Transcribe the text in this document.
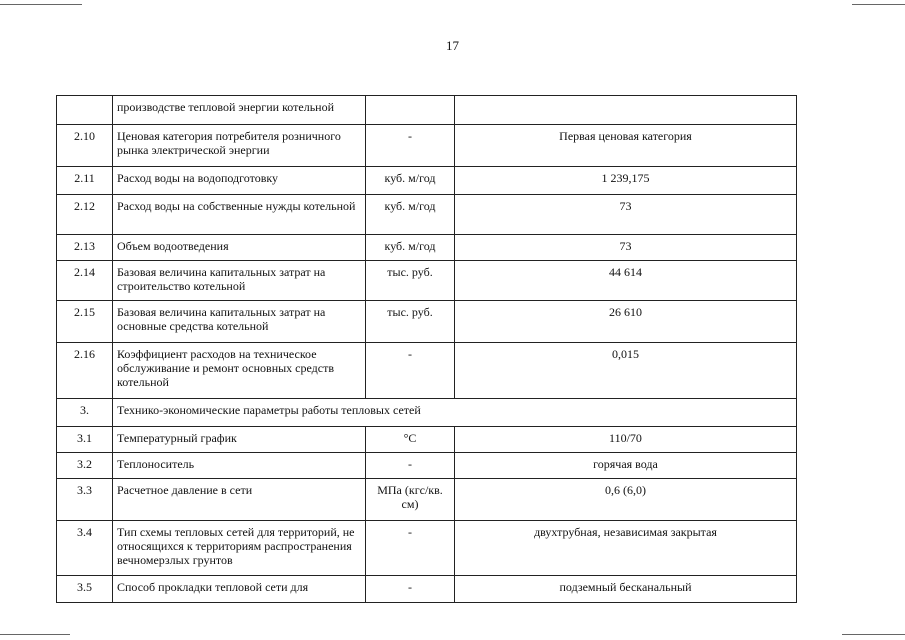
17
	производстве тепловой энергии котельной		
2.10	Ценовая категория потребителя розничного рынка электрической энергии	-	Первая ценовая категория
2.11	Расход воды на водоподготовку	куб. м/год	1 239,175
2.12	Расход воды на собственные нужды котельной	куб. м/год	73
2.13	Объем водоотведения	куб. м/год	73
2.14	Базовая величина капитальных затрат на строительство котельной	тыс. руб.	44 614
2.15	Базовая величина капитальных затрат на основные средства котельной	тыс. руб.	26 610
2.16	Коэффициент расходов на техническое обслуживание и ремонт основных средств котельной	-	0,015
3.	Технико-экономические параметры работы тепловых сетей		
3.1	Температурный график	°C	110/70
3.2	Теплоноситель	-	горячая вода
3.3	Расчетное давление в сети	МПа (кгс/кв. см)	0,6 (6,0)
3.4	Тип схемы тепловых сетей для территорий, не относящихся к территориям распространения вечномерзлых грунтов	-	двухтрубная, независимая закрытая
3.5	Способ прокладки тепловой сети для	-	подземный бесканальный
